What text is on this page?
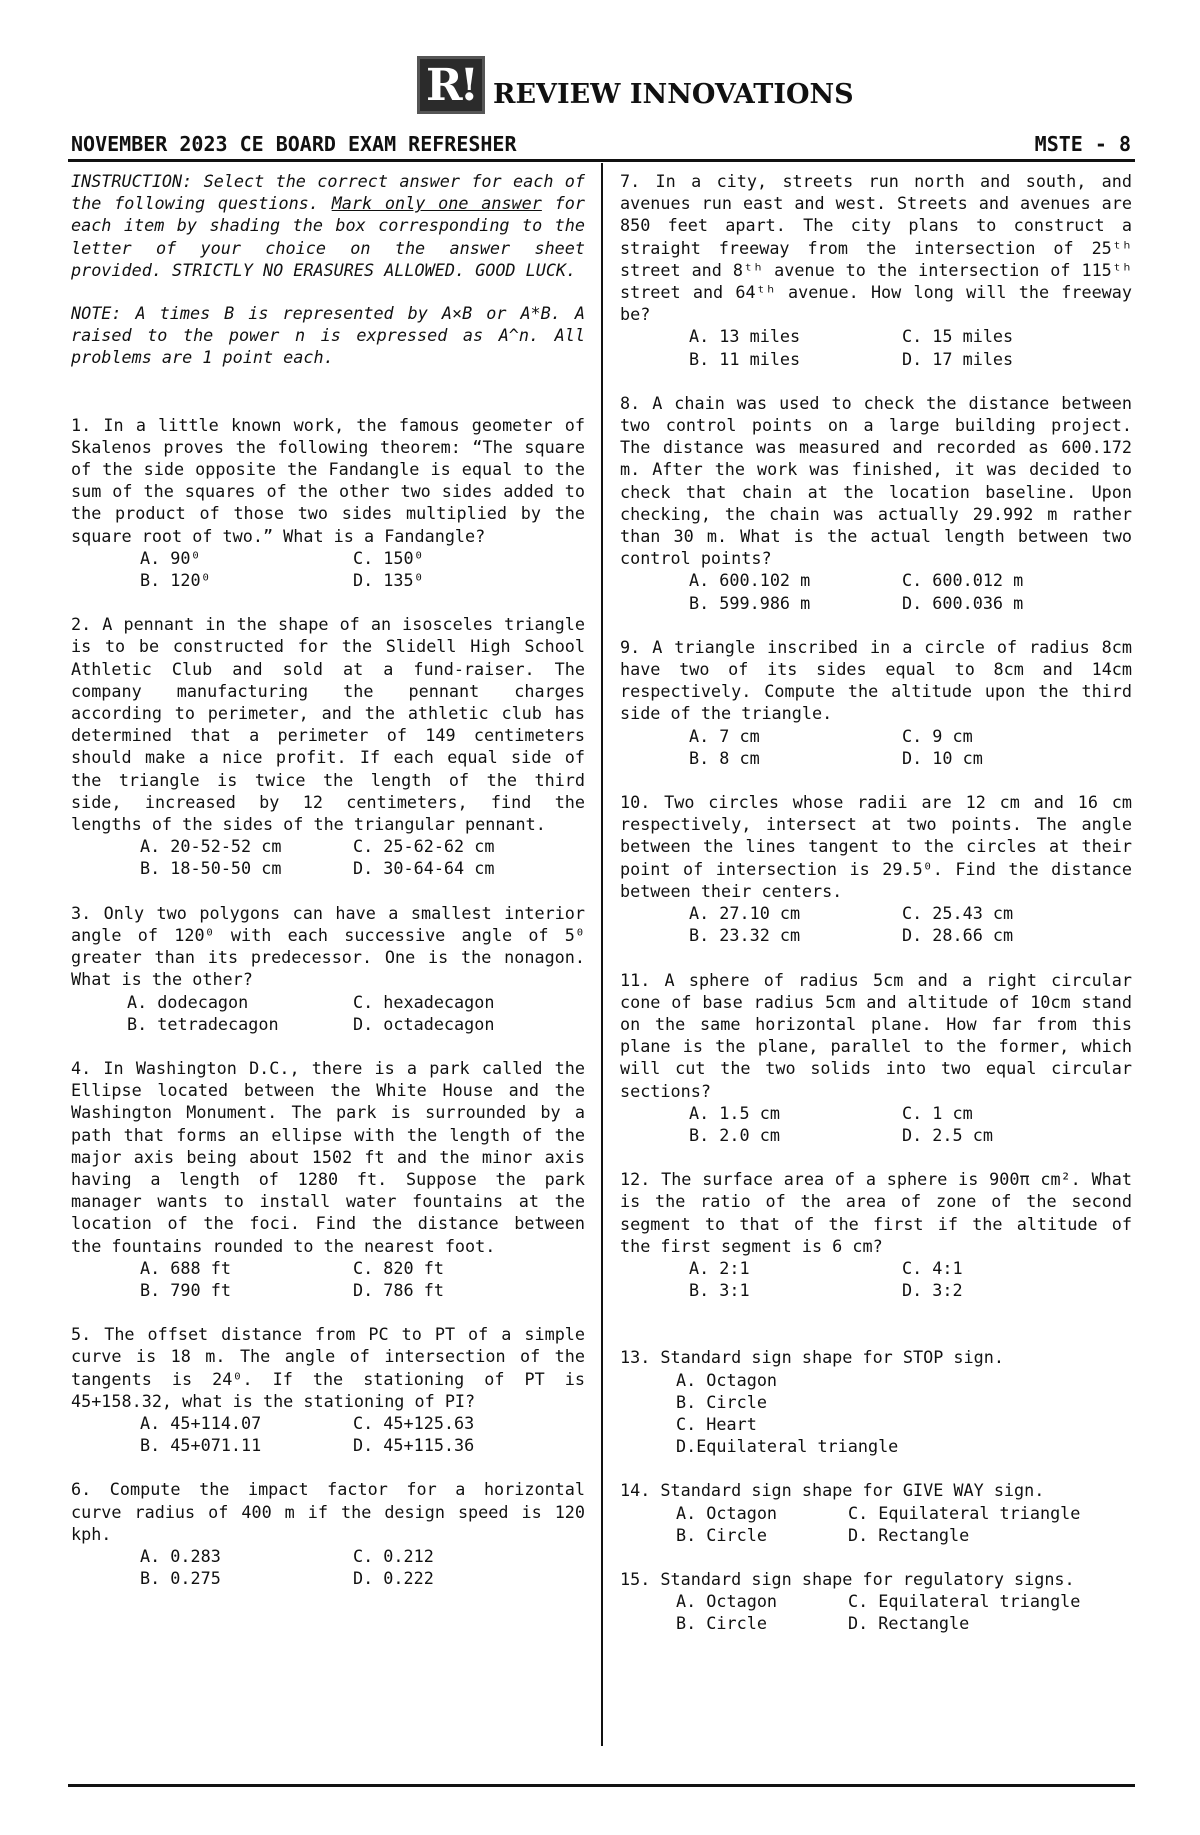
R! REVIEW INNOVATIONS
NOVEMBER 2023 CE BOARD EXAM REFRESHER	MSTE - 8

INSTRUCTION: Select the correct answer for each of the following questions. Mark only one answer for each item by shading the box corresponding to the letter of your choice on the answer sheet provided. STRICTLY NO ERASURES ALLOWED. GOOD LUCK.

NOTE: A times B is represented by A×B or A*B. A raised to the power n is expressed as A^n. All problems are 1 point each.

1. In a little known work, the famous geometer of Skalenos proves the following theorem: “The square of the side opposite the Fandangle is equal to the sum of the squares of the other two sides added to the product of those two sides multiplied by the square root of two.” What is a Fandangle?
A. 90⁰	C. 150⁰
B. 120⁰	D. 135⁰
2. A pennant in the shape of an isosceles triangle is to be constructed for the Slidell High School Athletic Club and sold at a fund-raiser. The company manufacturing the pennant charges according to perimeter, and the athletic club has determined that a perimeter of 149 centimeters should make a nice profit. If each equal side of the triangle is twice the length of the third side, increased by 12 centimeters, find the lengths of the sides of the triangular pennant.
A. 20-52-52 cm	C. 25-62-62 cm
B. 18-50-50 cm	D. 30-64-64 cm
3. Only two polygons can have a smallest interior angle of 120⁰ with each successive angle of 5⁰ greater than its predecessor. One is the nonagon. What is the other?
A. dodecagon	C. hexadecagon
B. tetradecagon	D. octadecagon
4. In Washington D.C., there is a park called the Ellipse located between the White House and the Washington Monument. The park is surrounded by a path that forms an ellipse with the length of the major axis being about 1502 ft and the minor axis having a length of 1280 ft. Suppose the park manager wants to install water fountains at the location of the foci. Find the distance between the fountains rounded to the nearest foot.
A. 688 ft	C. 820 ft
B. 790 ft	D. 786 ft
5. The offset distance from PC to PT of a simple curve is 18 m. The angle of intersection of the tangents is 24⁰. If the stationing of PT is 45+158.32, what is the stationing of PI?
A. 45+114.07	C. 45+125.63
B. 45+071.11	D. 45+115.36
6. Compute the impact factor for a horizontal curve radius of 400 m if the design speed is 120 kph.
A. 0.283	C. 0.212
B. 0.275	D. 0.222
7. In a city, streets run north and south, and avenues run east and west. Streets and avenues are 850 feet apart. The city plans to construct a straight freeway from the intersection of 25ᵗʰ street and 8ᵗʰ avenue to the intersection of 115ᵗʰ street and 64ᵗʰ avenue. How long will the freeway be?
A. 13 miles	C. 15 miles
B. 11 miles	D. 17 miles
8. A chain was used to check the distance between two control points on a large building project. The distance was measured and recorded as 600.172 m. After the work was finished, it was decided to check that chain at the location baseline. Upon checking, the chain was actually 29.992 m rather than 30 m. What is the actual length between two control points?
A. 600.102 m	C. 600.012 m
B. 599.986 m	D. 600.036 m
9. A triangle inscribed in a circle of radius 8cm have two of its sides equal to 8cm and 14cm respectively. Compute the altitude upon the third side of the triangle.
A. 7 cm	C. 9 cm
B. 8 cm	D. 10 cm
10. Two circles whose radii are 12 cm and 16 cm respectively, intersect at two points. The angle between the lines tangent to the circles at their point of intersection is 29.5⁰. Find the distance between their centers.
A. 27.10 cm	C. 25.43 cm
B. 23.32 cm	D. 28.66 cm
11. A sphere of radius 5cm and a right circular cone of base radius 5cm and altitude of 10cm stand on the same horizontal plane. How far from this plane is the plane, parallel to the former, which will cut the two solids into two equal circular sections?
A. 1.5 cm	C. 1 cm
B. 2.0 cm	D. 2.5 cm
12. The surface area of a sphere is 900π cm². What is the ratio of the area of zone of the second segment to that of the first if the altitude of the first segment is 6 cm?
A. 2:1	C. 4:1
B. 3:1	D. 3:2
13. Standard sign shape for STOP sign.
A. Octagon
B. Circle
C. Heart
D.Equilateral triangle
14. Standard sign shape for GIVE WAY sign.
A. Octagon	C. Equilateral triangle
B. Circle	D. Rectangle
15. Standard sign shape for regulatory signs.
A. Octagon	C. Equilateral triangle
B. Circle	D. Rectangle
